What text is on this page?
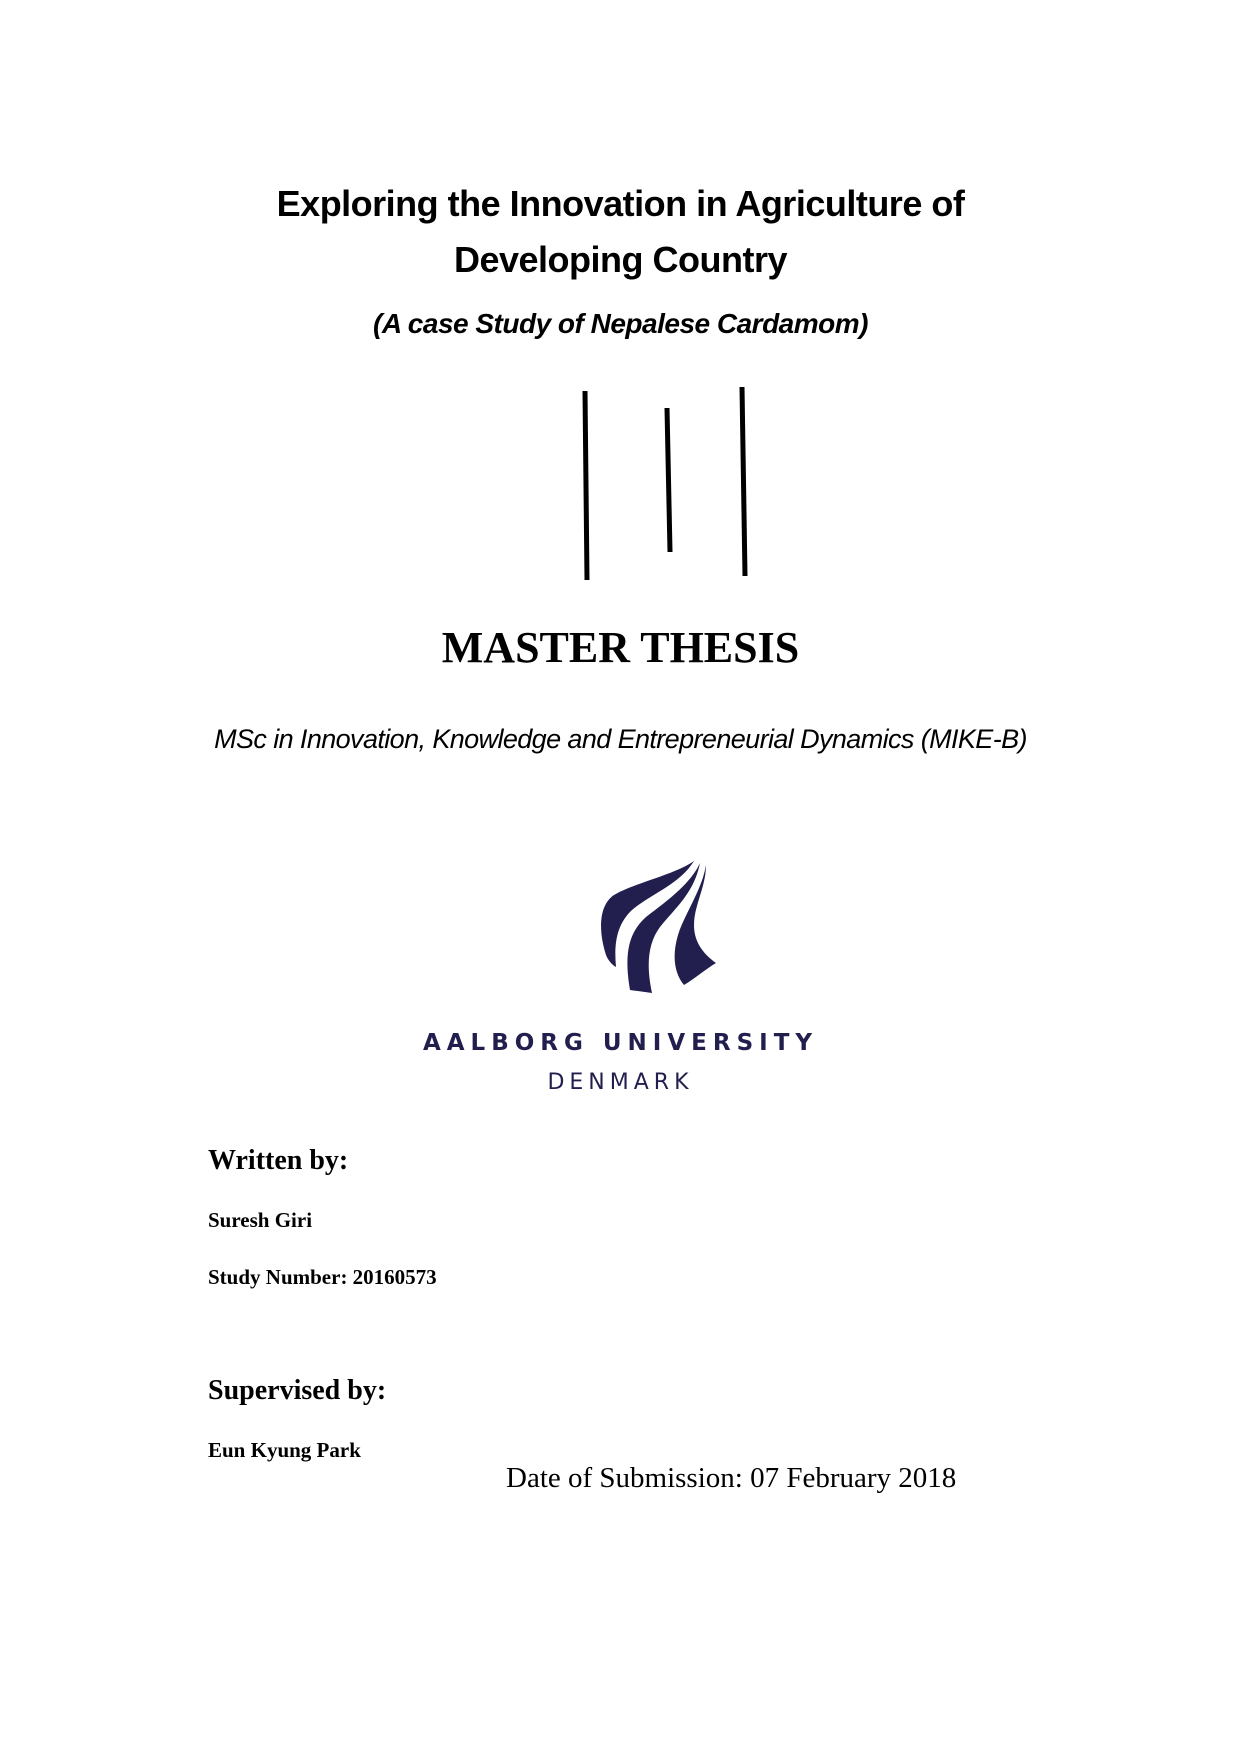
Exploring the Innovation in Agriculture of
Developing Country
(A case Study of Nepalese Cardamom)
MASTER THESIS
MSc in Innovation, Knowledge and Entrepreneurial Dynamics (MIKE-B)
AALBORG UNIVERSITY
DENMARK
Written by:
Suresh Giri
Study Number: 20160573
Supervised by:
Eun Kyung Park
Date of Submission: 07 February 2018
